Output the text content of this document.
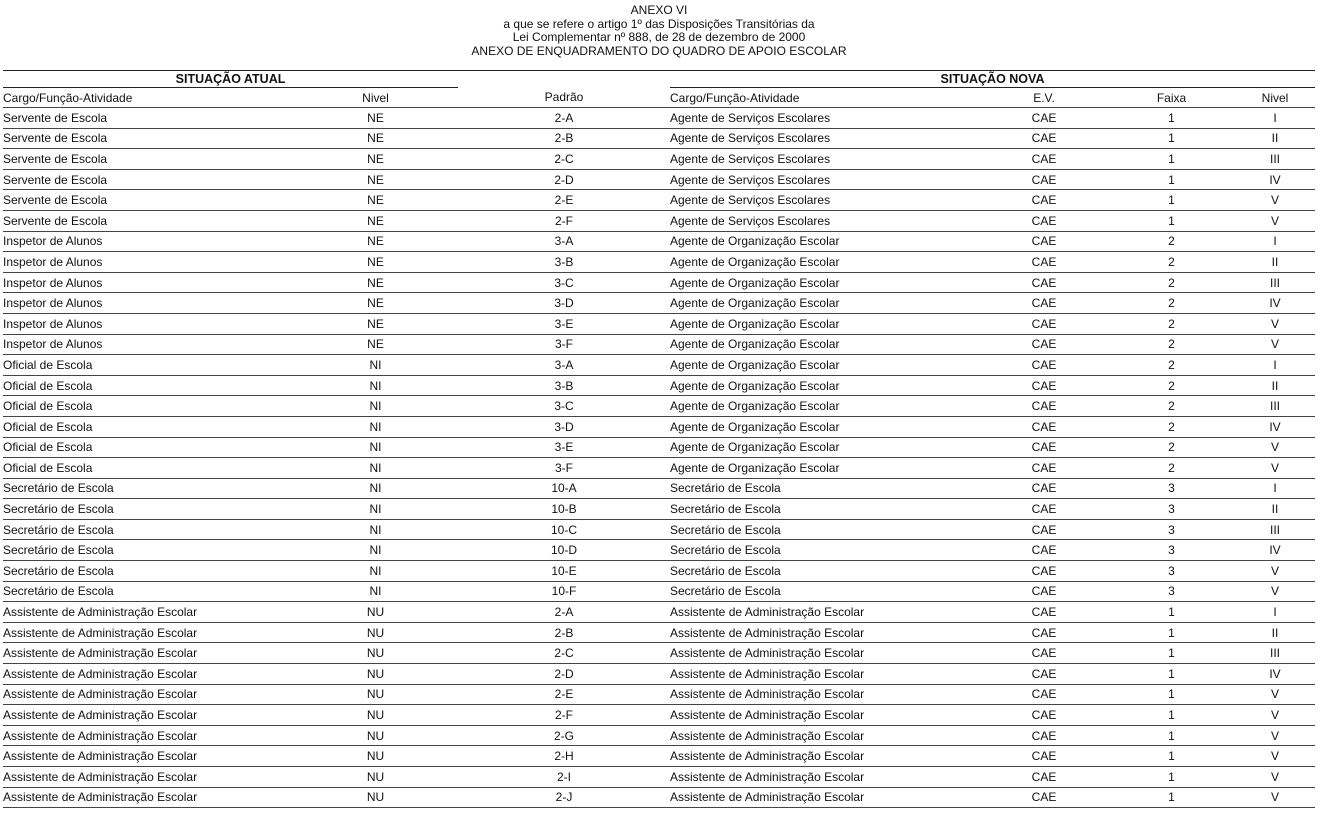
ANEXO VI
a que se refere o artigo 1º das Disposições Transitórias da
Lei Complementar nº 888, de 28 de dezembro de 2000
ANEXO DE ENQUADRAMENTO DO QUADRO DE APOIO ESCOLAR
SITUAÇÃO ATUAL			SITUAÇÃO NOVA			
Cargo/Função-Atividade	Nivel	Padrão	Cargo/Função-Atividade	E.V.	Faixa	Nivel
Servente de Escola	NE	2-A	Agente de Serviços Escolares	CAE	1	I
Servente de Escola	NE	2-B	Agente de Serviços Escolares	CAE	1	II
Servente de Escola	NE	2-C	Agente de Serviços Escolares	CAE	1	III
Servente de Escola	NE	2-D	Agente de Serviços Escolares	CAE	1	IV
Servente de Escola	NE	2-E	Agente de Serviços Escolares	CAE	1	V
Servente de Escola	NE	2-F	Agente de Serviços Escolares	CAE	1	V
Inspetor de Alunos	NE	3-A	Agente de Organização Escolar	CAE	2	I
Inspetor de Alunos	NE	3-B	Agente de Organização Escolar	CAE	2	II
Inspetor de Alunos	NE	3-C	Agente de Organização Escolar	CAE	2	III
Inspetor de Alunos	NE	3-D	Agente de Organização Escolar	CAE	2	IV
Inspetor de Alunos	NE	3-E	Agente de Organização Escolar	CAE	2	V
Inspetor de Alunos	NE	3-F	Agente de Organização Escolar	CAE	2	V
Oficial de Escola	NI	3-A	Agente de Organização Escolar	CAE	2	I
Oficial de Escola	NI	3-B	Agente de Organização Escolar	CAE	2	II
Oficial de Escola	NI	3-C	Agente de Organização Escolar	CAE	2	III
Oficial de Escola	NI	3-D	Agente de Organização Escolar	CAE	2	IV
Oficial de Escola	NI	3-E	Agente de Organização Escolar	CAE	2	V
Oficial de Escola	NI	3-F	Agente de Organização Escolar	CAE	2	V
Secretário de Escola	NI	10-A	Secretário de Escola	CAE	3	I
Secretário de Escola	NI	10-B	Secretário de Escola	CAE	3	II
Secretário de Escola	NI	10-C	Secretário de Escola	CAE	3	III
Secretário de Escola	NI	10-D	Secretário de Escola	CAE	3	IV
Secretário de Escola	NI	10-E	Secretário de Escola	CAE	3	V
Secretário de Escola	NI	10-F	Secretário de Escola	CAE	3	V
Assistente de Administração Escolar	NU	2-A	Assistente de Administração Escolar	CAE	1	I
Assistente de Administração Escolar	NU	2-B	Assistente de Administração Escolar	CAE	1	II
Assistente de Administração Escolar	NU	2-C	Assistente de Administração Escolar	CAE	1	III
Assistente de Administração Escolar	NU	2-D	Assistente de Administração Escolar	CAE	1	IV
Assistente de Administração Escolar	NU	2-E	Assistente de Administração Escolar	CAE	1	V
Assistente de Administração Escolar	NU	2-F	Assistente de Administração Escolar	CAE	1	V
Assistente de Administração Escolar	NU	2-G	Assistente de Administração Escolar	CAE	1	V
Assistente de Administração Escolar	NU	2-H	Assistente de Administração Escolar	CAE	1	V
Assistente de Administração Escolar	NU	2-I	Assistente de Administração Escolar	CAE	1	V
Assistente de Administração Escolar	NU	2-J	Assistente de Administração Escolar	CAE	1	V
